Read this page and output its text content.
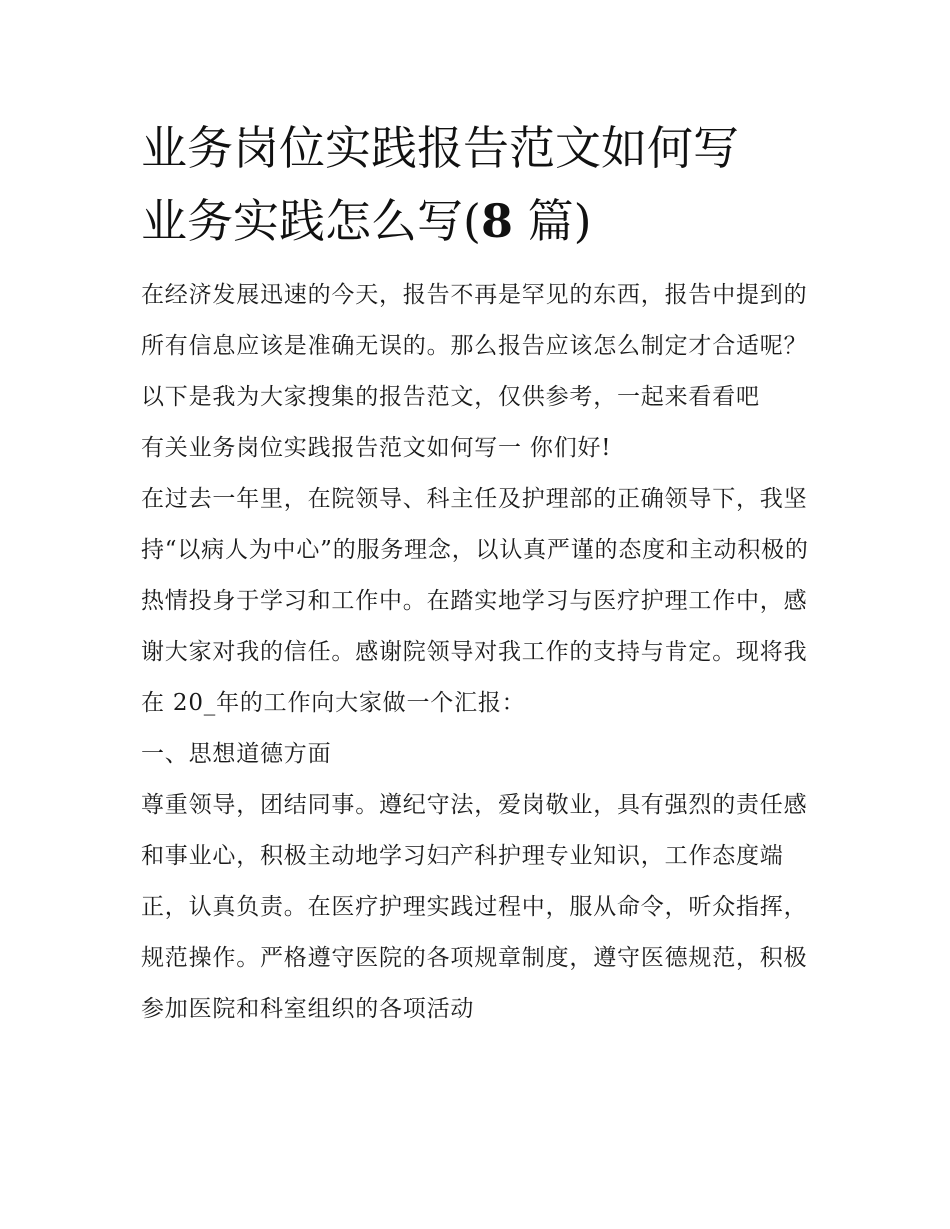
业务岗位实践报告范文如何写
业务实践怎么写(8 篇)

在经济发展迅速的今天，报告不再是罕见的东西，报告中提到的所有信息应该是准确无误的。那么报告应该怎么制定才合适呢？以下是我为大家搜集的报告范文，仅供参考，一起来看看吧

有关业务岗位实践报告范文如何写一 你们好!

在过去一年里，在院领导、科主任及护理部的正确领导下，我坚持“以病人为中心”的服务理念，以认真严谨的态度和主动积极的热情投身于学习和工作中。在踏实地学习与医疗护理工作中，感谢大家对我的信任。感谢院领导对我工作的支持与肯定。现将我在 20_年的工作向大家做一个汇报：

一、思想道德方面

尊重领导，团结同事。遵纪守法，爱岗敬业，具有强烈的责任感和事业心，积极主动地学习妇产科护理专业知识，工作态度端正，认真负责。在医疗护理实践过程中，服从命令，听众指挥，规范操作。严格遵守医院的各项规章制度，遵守医德规范，积极参加医院和科室组织的各项活动
